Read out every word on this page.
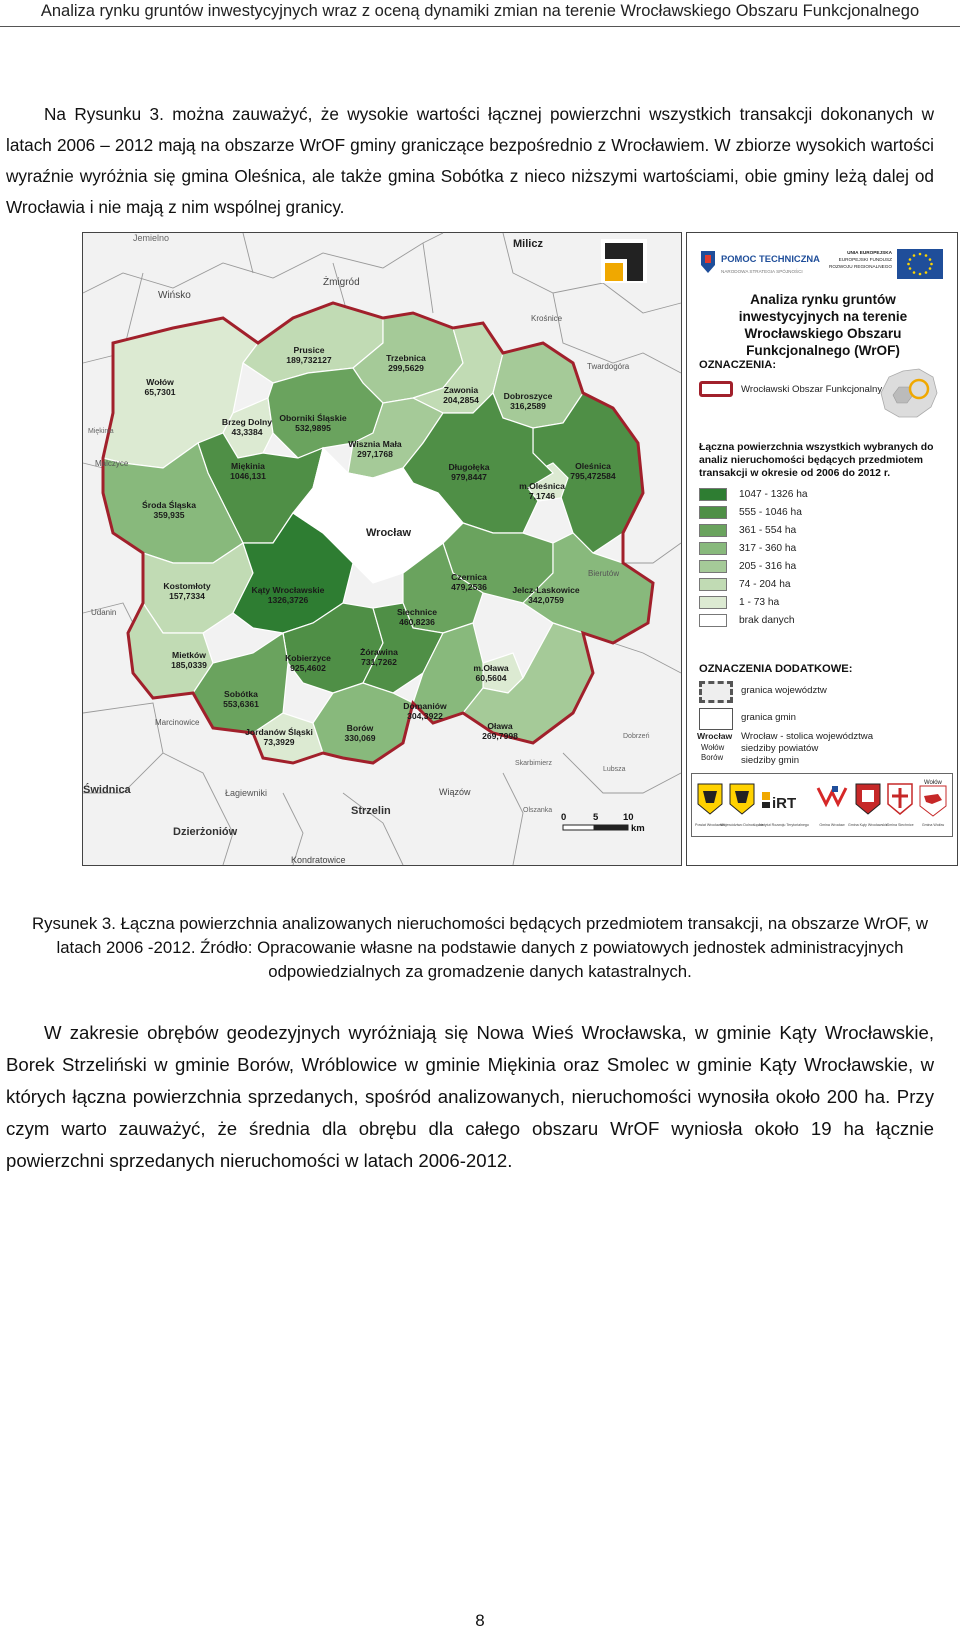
Analiza rynku gruntów inwestycyjnych wraz z oceną dynamiki zmian na terenie Wrocławskiego Obszaru Funkcjonalnego

Na Rysunku 3. można zauważyć, że wysokie wartości łącznej powierzchni wszystkich transakcji dokonanych w latach 2006 – 2012 mają na obszarze WrOF gminy graniczące bezpośrednio z Wrocławiem. W zbiorze wysokich wartości wyraźnie wyróżnia się gmina Oleśnica, ale także gmina Sobótka z nieco niższymi wartościami, obie gminy leżą dalej od Wrocławia i nie mają z nim wspólnej granicy.

Milicz
Jemielno
Żmigród
Wińsko
Krośnice
Twardogóra
Malczyce
Bierutów
Udanin
Marcinowice
Łagiewniki
Świdnica
Dzierżoniów
Kondratowice
Strzelin
Wiązów
Skarbimierz
Olszanka
Lubsza
Dobrzeń
Miękinia
Wrocław
Wołów
65,7301
Prusice
189,732127	Trzebnica
299,5629
Zawonia
204,2854	Dobroszyce
316,2589
Brzeg Dolny
43,3384
Oborniki Śląskie
532,9895
Wisznia Mała
297,1768
Oleśnica
795,472584
m.Oleśnica
7,1746
Miękinia
1046,131
Długołęka
979,8447
Środa Śląska
359,935
Czernica
479,2536
Kostomłoty
157,7334
Kąty Wrocławskie
1326,3726
Siechnice
460,8236
Jelcz-Laskowice
342,0759
Mietków
185,0339
Kobierzyce
925,4602
Żórawina
731,7262
m.Oława
60,5604
Sobótka
553,6361	Domaniów
304,3922
Jordanów Śląski
73,3929
Borów
330,069
Oława
269,7998
0	5	10
km
POMOC TECHNICZNA
NARODOWA STRATEGIA SPÓJNOŚCI
UNIA EUROPEJSKA
EUROPEJSKI FUNDUSZ
ROZWOJU REGIONALNEGO
Analiza rynku gruntów inwestycyjnych na terenie Wrocławskiego Obszaru Funkcjonalnego (WrOF)
OZNACZENIA:
Wrocławski Obszar Funkcjonalny
Łączna powierzchnia wszystkich wybranych do analiz nieruchomości będących przedmiotem transakcji w okresie od 2006 do 2012 r.
1047 - 1326 ha
555 - 1046 ha
361 - 554 ha
317 - 360 ha
205 - 316 ha
74 - 204 ha
1 - 73 ha
brak danych
OZNACZENIA DODATKOWE:
granica województw
granica gmin
Wrocław
Wołów
Borów
Wrocław - stolica województwa
siedziby powiatów
siedziby gmin
iRT
Wołów
Powiat Wrocławski
Województwo Dolnośląskie
Instytut Rozwoju Terytorialnego	Gmina Wrocław Gmina Kąty Wrocławskie
Gmina Siechnice Gmina Wołów
Rysunek 3. Łączna powierzchnia analizowanych nieruchomości będących przedmiotem transakcji, na obszarze WrOF, w latach 2006 -2012. Źródło: Opracowanie własne na podstawie danych z powiatowych jednostek administracyjnych odpowiedzialnych za gromadzenie danych katastralnych.

W zakresie obrębów geodezyjnych wyróżniają się Nowa Wieś Wrocławska, w gminie Kąty Wrocławskie, Borek Strzeliński w gminie Borów, Wróblowice w gminie Miękinia oraz Smolec w gminie Kąty Wrocławskie, w których łączna powierzchnia sprzedanych, spośród analizowanych, nieruchomości wynosiła około 200 ha. Przy czym warto zauważyć, że średnia dla obrębu dla całego obszaru WrOF wyniosła około 19 ha łącznie powierzchni sprzedanych nieruchomości w latach 2006-2012.

8
